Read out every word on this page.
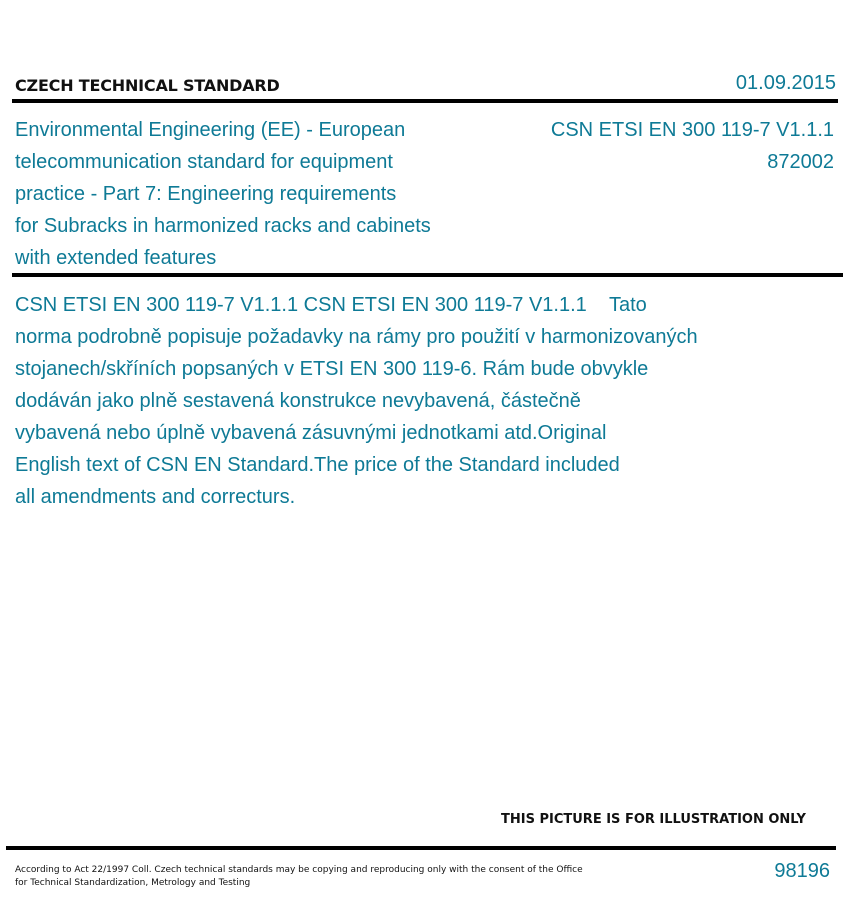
CZECH TECHNICAL STANDARD	01.09.2015
Environmental Engineering (EE) - European
telecommunication standard for equipment
practice - Part 7: Engineering requirements
for Subracks in harmonized racks and cabinets
with extended features
CSN ETSI EN 300 119-7 V1.1.1
872002
CSN ETSI EN 300 119-7 V1.1.1 CSN ETSI EN 300 119-7 V1.1.1    Tato
norma podrobně popisuje požadavky na rámy pro použití v harmonizovaných
stojanech/skříních popsaných v ETSI EN 300 119-6. Rám bude obvykle
dodáván jako plně sestavená konstrukce nevybavená, částečně
vybavená nebo úplně vybavená zásuvnými jednotkami atd.Original
English text of CSN EN Standard.The price of the Standard included
all amendments and correcturs.
THIS PICTURE IS FOR ILLUSTRATION ONLY
According to Act 22/1997 Coll. Czech technical standards may be copying and reproducing only with the consent of the Office
for Technical Standardization, Metrology and Testing
98196
